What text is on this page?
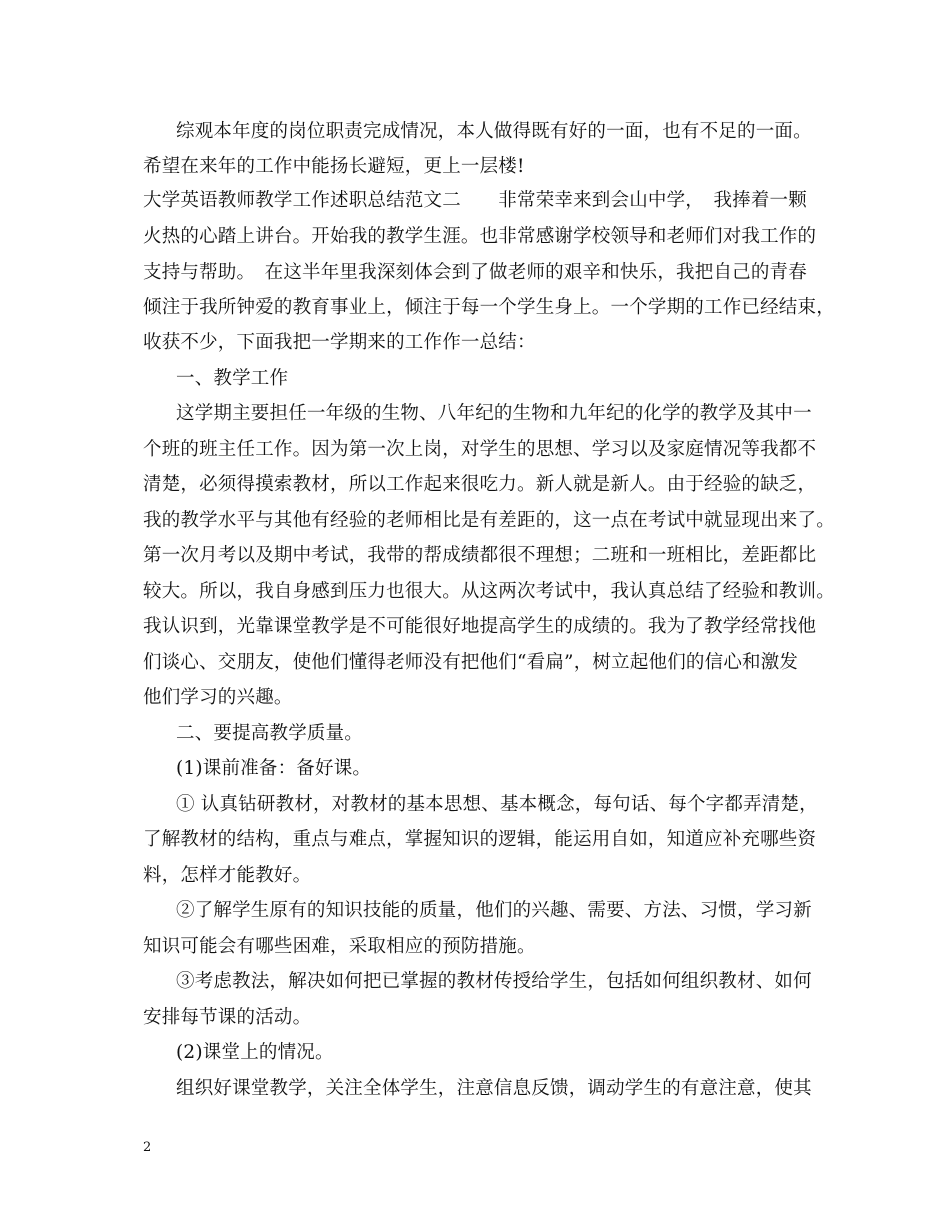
综观本年度的岗位职责完成情况，本人做得既有好的一面，也有不足的一面。
希望在来年的工作中能扬长避短，更上一层楼!
大学英语教师教学工作述职总结范文二　　非常荣幸来到会山中学，　我捧着一颗
火热的心踏上讲台。开始我的教学生涯。也非常感谢学校领导和老师们对我工作的
支持与帮助。　在这半年里我深刻体会到了做老师的艰辛和快乐，我把自己的青春
倾注于我所钟爱的教育事业上，倾注于每一个学生身上。一个学期的工作已经结束，
收获不少，下面我把一学期来的工作作一总结：
一、教学工作
这学期主要担任一年级的生物、八年纪的生物和九年纪的化学的教学及其中一
个班的班主任工作。因为第一次上岗，对学生的思想、学习以及家庭情况等我都不
清楚，必须得摸索教材，所以工作起来很吃力。新人就是新人。由于经验的缺乏，
我的教学水平与其他有经验的老师相比是有差距的，这一点在考试中就显现出来了。
第一次月考以及期中考试，我带的帮成绩都很不理想；二班和一班相比，差距都比
较大。所以，我自身感到压力也很大。从这两次考试中，我认真总结了经验和教训。
我认识到，光靠课堂教学是不可能很好地提高学生的成绩的。我为了教学经常找他
们谈心、交朋友，使他们懂得老师没有把他们“看扁”，树立起他们的信心和激发
他们学习的兴趣。
二、要提高教学质量。
(1)课前准备：备好课。
① 认真钻研教材，对教材的基本思想、基本概念，每句话、每个字都弄清楚，
了解教材的结构，重点与难点，掌握知识的逻辑，能运用自如，知道应补充哪些资
料，怎样才能教好。
②了解学生原有的知识技能的质量，他们的兴趣、需要、方法、习惯，学习新
知识可能会有哪些困难，采取相应的预防措施。
③考虑教法，解决如何把已掌握的教材传授给学生，包括如何组织教材、如何
安排每节课的活动。
(2)课堂上的情况。
组织好课堂教学，关注全体学生，注意信息反馈，调动学生的有意注意，使其
2
